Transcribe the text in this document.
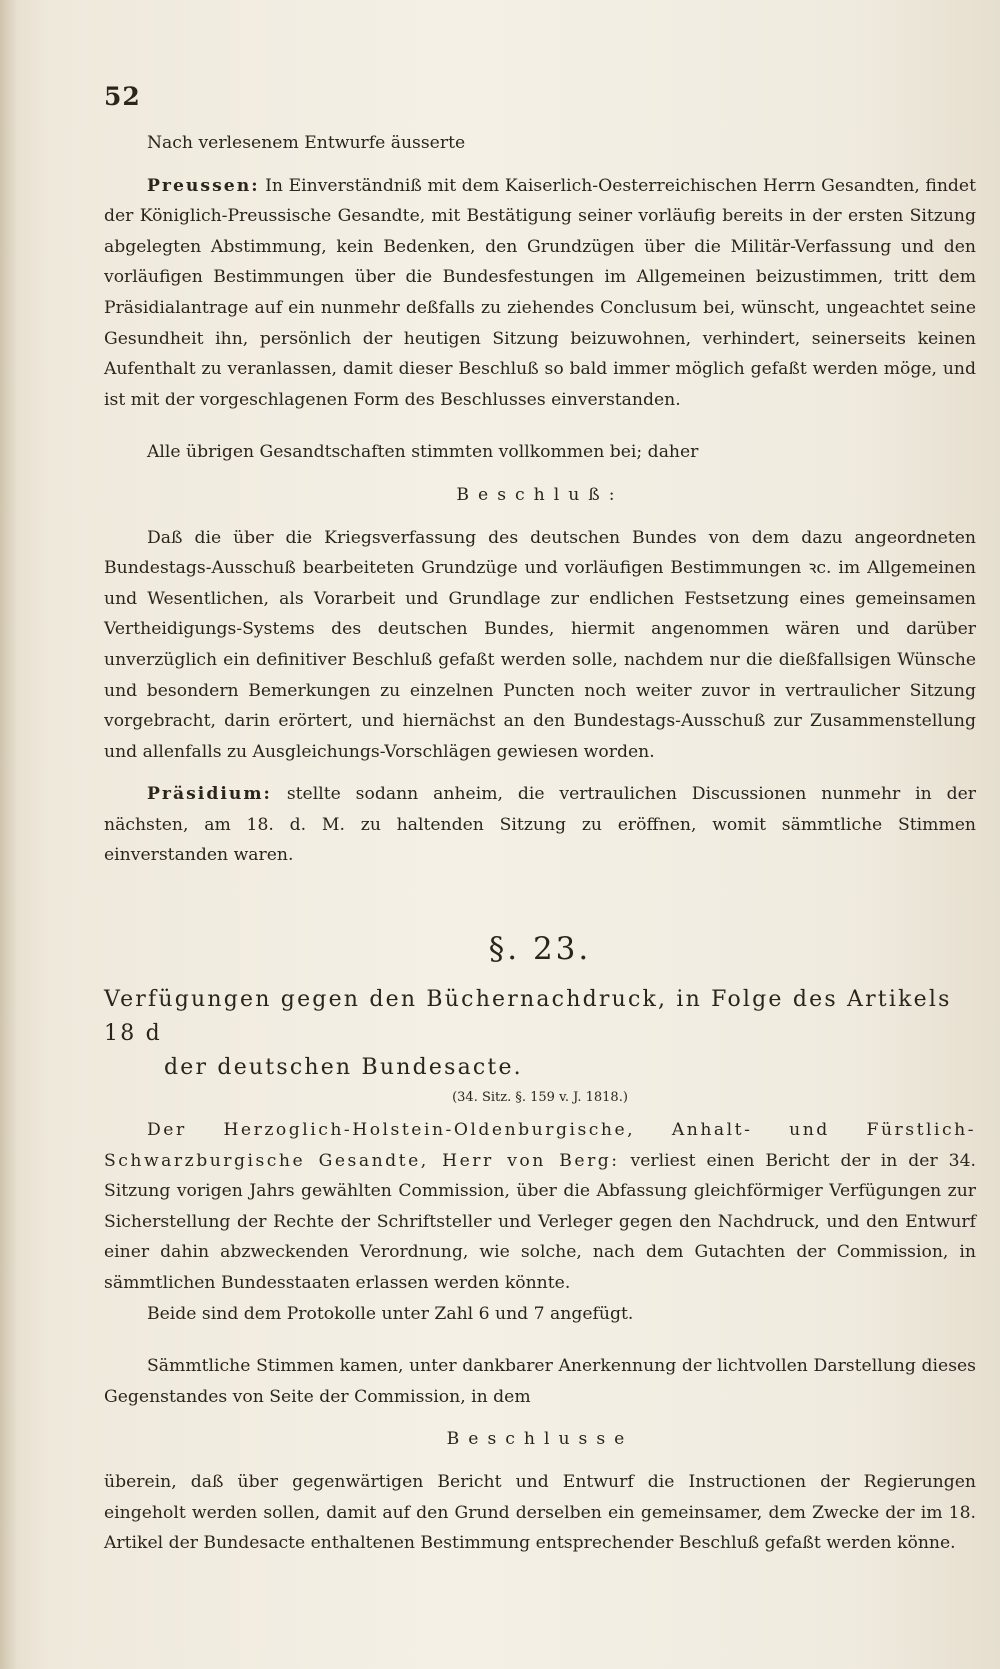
52

Nach verlesenem Entwurfe äusserte

Preussen: In Einverständniß mit dem Kaiserlich-Oesterreichischen Herrn Gesandten, findet der Königlich-Preussische Gesandte, mit Bestätigung seiner vorläufig bereits in der ersten Sitzung abgelegten Abstimmung, kein Bedenken, den Grundzügen über die Militär-Verfassung und den vorläufigen Bestimmungen über die Bundesfestungen im Allgemeinen beizustimmen, tritt dem Präsidialantrage auf ein nunmehr deßfalls zu ziehendes Conclusum bei, wünscht, ungeachtet seine Gesundheit ihn, persönlich der heutigen Sitzung beizuwohnen, verhindert, seinerseits keinen Aufenthalt zu veranlassen, damit dieser Beschluß so bald immer möglich gefaßt werden möge, und ist mit der vorgeschlagenen Form des Beschlusses einverstanden.

Alle übrigen Gesandtschaften stimmten vollkommen bei; daher

Beschluß:

Daß die über die Kriegsverfassung des deutschen Bundes von dem dazu angeordneten Bundestags-Ausschuß bearbeiteten Grundzüge und vorläufigen Bestimmungen ꝛc. im Allgemeinen und Wesentlichen, als Vorarbeit und Grundlage zur endlichen Festsetzung eines gemeinsamen Vertheidigungs-Systems des deutschen Bundes, hiermit angenommen wären und darüber unverzüglich ein definitiver Beschluß gefaßt werden solle, nachdem nur die dießfallsigen Wünsche und besondern Bemerkungen zu einzelnen Puncten noch weiter zuvor in vertraulicher Sitzung vorgebracht, darin erörtert, und hiernächst an den Bundestags-Ausschuß zur Zusammenstellung und allenfalls zu Ausgleichungs-Vorschlägen gewiesen worden.

Präsidium: stellte sodann anheim, die vertraulichen Discussionen nunmehr in der nächsten, am 18. d. M. zu haltenden Sitzung zu eröffnen, womit sämmtliche Stimmen einverstanden waren.

§. 23.

Verfügungen gegen den Büchernachdruck, in Folge des Artikels 18 d
der deutschen Bundesacte.

(34. Sitz. §. 159 v. J. 1818.)

Der Herzoglich-Holstein-Oldenburgische, Anhalt- und Fürstlich-Schwarzburgische Gesandte, Herr von Berg: verliest einen Bericht der in der 34. Sitzung vorigen Jahrs gewählten Commission, über die Abfassung gleichförmiger Verfügungen zur Sicherstellung der Rechte der Schriftsteller und Verleger gegen den Nachdruck, und den Entwurf einer dahin abzweckenden Verordnung, wie solche, nach dem Gutachten der Commission, in sämmtlichen Bundesstaaten erlassen werden könnte.

Beide sind dem Protokolle unter Zahl 6 und 7 angefügt.

Sämmtliche Stimmen kamen, unter dankbarer Anerkennung der lichtvollen Darstellung dieses Gegenstandes von Seite der Commission, in dem

Beschlusse

überein, daß über gegenwärtigen Bericht und Entwurf die Instructionen der Regierungen eingeholt werden sollen, damit auf den Grund derselben ein gemeinsamer, dem Zwecke der im 18. Artikel der Bundesacte enthaltenen Bestimmung entsprechender Beschluß gefaßt werden könne.
